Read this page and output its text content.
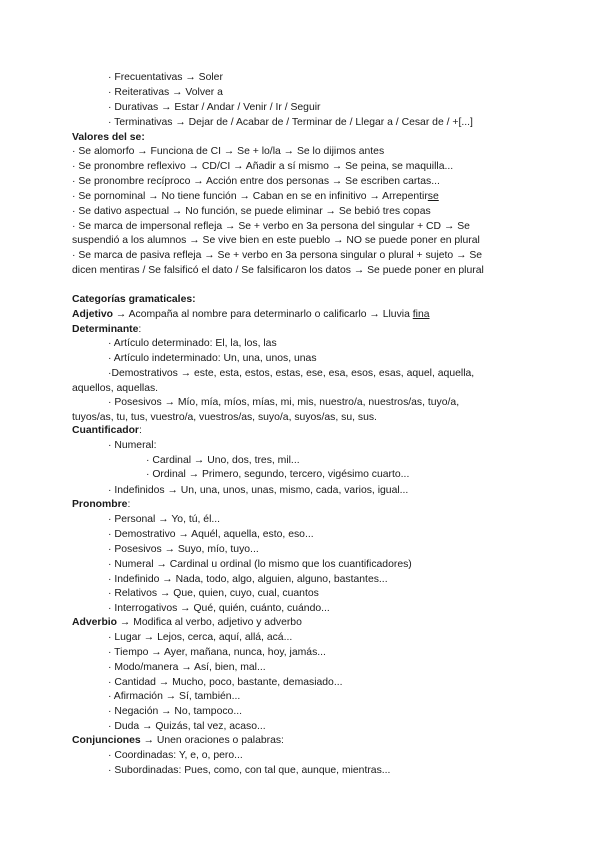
· Frecuentativas → Soler
· Reiterativas → Volver a
· Durativas → Estar / Andar / Venir / Ir / Seguir
· Terminativas → Dejar de / Acabar de / Terminar de / Llegar a / Cesar de / +[...]
Valores del se:
· Se alomorfo → Funciona de CI → Se + lo/la → Se lo dijimos antes
· Se pronombre reflexivo → CD/CI → Añadir a sí mismo → Se peina, se maquilla...
· Se pronombre recíproco → Acción entre dos personas → Se escriben cartas...
· Se pornominal → No tiene función → Caban en se en infinitivo → Arrepentirse
· Se dativo aspectual → No función, se puede eliminar → Se bebió tres copas
· Se marca de impersonal refleja → Se + verbo en 3a persona del singular + CD → Se
suspendió a los alumnos → Se vive bien en este pueblo → NO se puede poner en plural
· Se marca de pasiva refleja → Se + verbo en 3a persona singular o plural + sujeto → Se
dicen mentiras / Se falsificó el dato / Se falsificaron los datos → Se puede poner en plural
Categorías gramaticales:
Adjetivo → Acompaña al nombre para determinarlo o calificarlo → Lluvia fina
Determinante:
· Artículo determinado: El, la, los, las
· Artículo indeterminado: Un, una, unos, unas
·Demostrativos → este, esta, estos, estas, ese, esa, esos, esas, aquel, aquella,
aquellos, aquellas.
· Posesivos → Mío, mía, míos, mías, mi, mis, nuestro/a, nuestros/as, tuyo/a,
tuyos/as, tu, tus, vuestro/a, vuestros/as, suyo/a, suyos/as, su, sus.
Cuantificador:
· Numeral:
· Cardinal → Uno, dos, tres, mil...
· Ordinal → Primero, segundo, tercero, vigésimo cuarto...
· Indefinidos → Un, una, unos, unas, mismo, cada, varios, igual...
Pronombre:
· Personal → Yo, tú, él...
· Demostrativo → Aquél, aquella, esto, eso...
· Posesivos → Suyo, mío, tuyo...
· Numeral → Cardinal u ordinal (lo mismo que los cuantificadores)
· Indefinido → Nada, todo, algo, alguien, alguno, bastantes...
· Relativos → Que, quien, cuyo, cual, cuantos
· Interrogativos → Qué, quién, cuánto, cuándo...
Adverbio → Modifica al verbo, adjetivo y adverbo
· Lugar → Lejos, cerca, aquí, allá, acá...
· Tiempo → Ayer, mañana, nunca, hoy, jamás...
· Modo/manera → Así, bien, mal...
· Cantidad → Mucho, poco, bastante, demasiado...
· Afirmación → Sí, también...
· Negación → No, tampoco...
· Duda → Quizás, tal vez, acaso...
Conjunciones → Unen oraciones o palabras:
· Coordinadas: Y, e, o, pero...
· Subordinadas: Pues, como, con tal que, aunque, mientras...
